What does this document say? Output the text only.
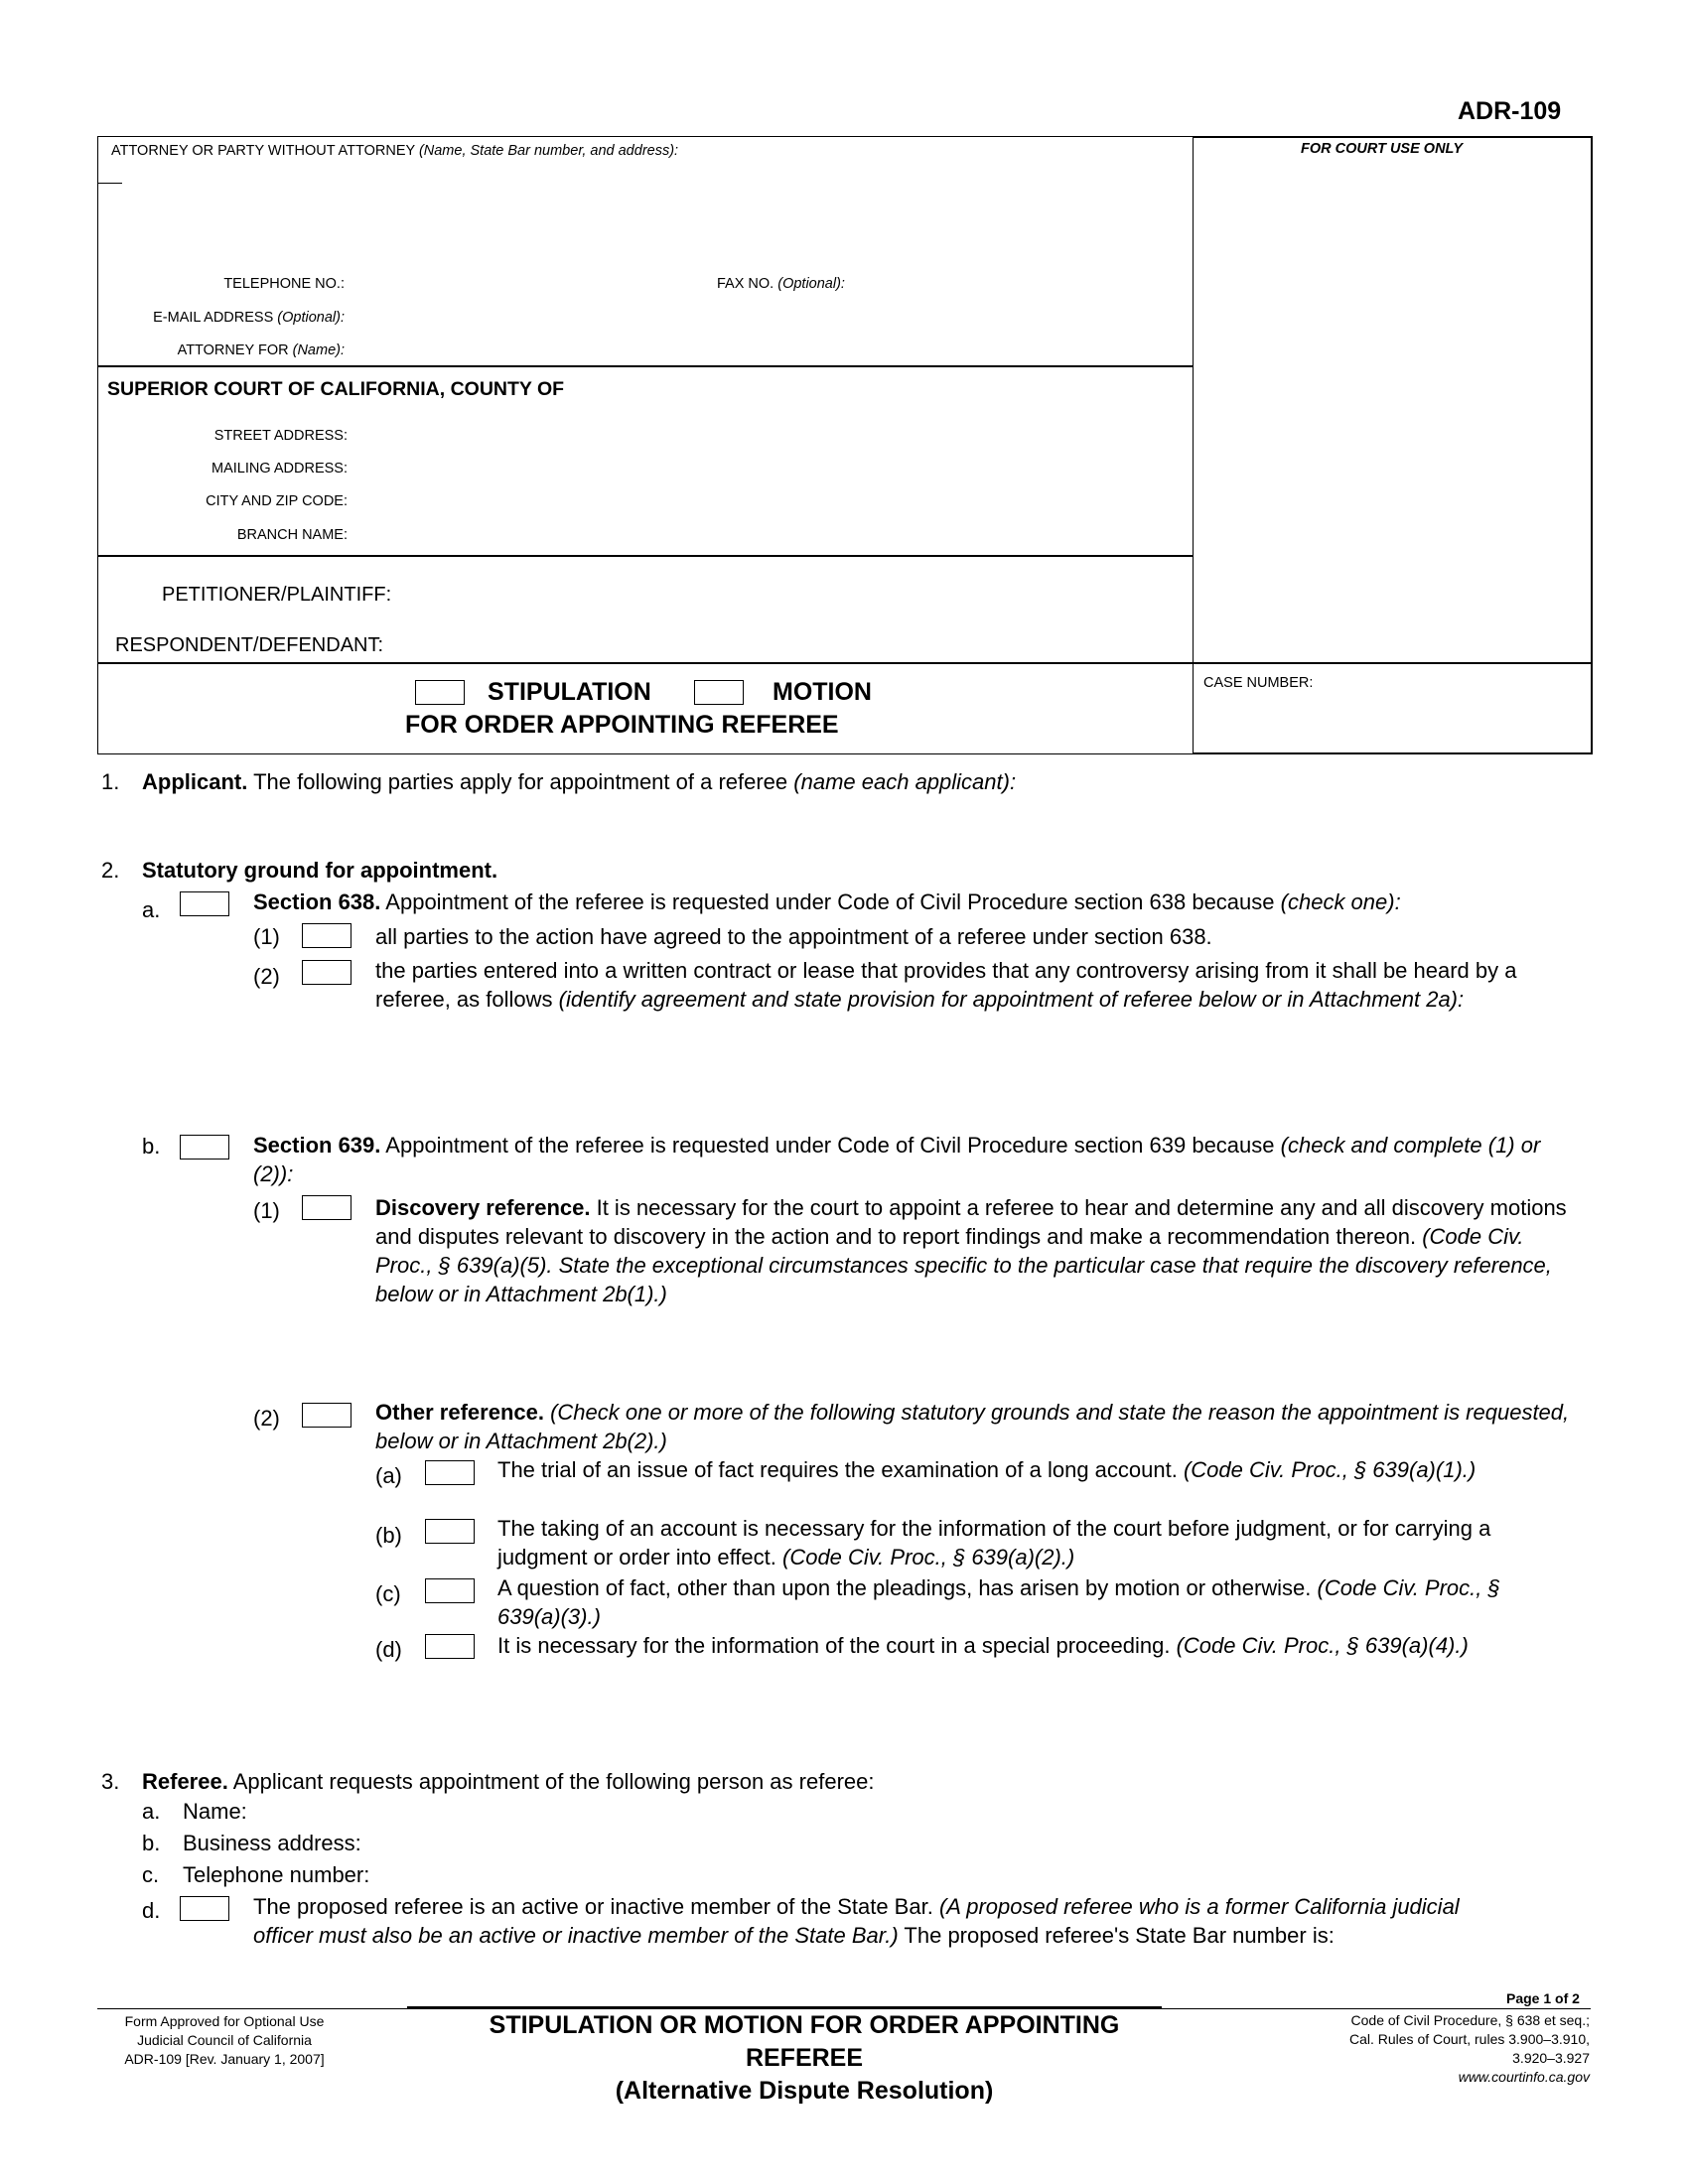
ADR-109
ATTORNEY OR PARTY WITHOUT ATTORNEY (Name, State Bar number, and address):	FOR COURT USE ONLY
TELEPHONE NO.:	FAX NO. (Optional):
E-MAIL ADDRESS (Optional):
ATTORNEY FOR (Name):
SUPERIOR COURT OF CALIFORNIA, COUNTY OF
STREET ADDRESS:
MAILING ADDRESS:
CITY AND ZIP CODE:
BRANCH NAME:
PETITIONER/PLAINTIFF:
RESPONDENT/DEFENDANT:
STIPULATION	MOTION
FOR ORDER APPOINTING REFEREE
CASE NUMBER:
1. Applicant. The following parties apply for appointment of a referee (name each applicant):
2. Statutory ground for appointment.
a.	Section 638. Appointment of the referee is requested under Code of Civil Procedure section 638 because (check one):
(1)	all parties to the action have agreed to the appointment of a referee under section 638.
(2)	the parties entered into a written contract or lease that provides that any controversy arising from it shall be heard by a referee, as follows (identify agreement and state provision for appointment of referee below or in Attachment 2a):
b.	Section 639. Appointment of the referee is requested under Code of Civil Procedure section 639 because (check and complete (1) or (2)):
(1)	Discovery reference. It is necessary for the court to appoint a referee to hear and determine any and all discovery motions and disputes relevant to discovery in the action and to report findings and make a recommendation thereon. (Code Civ. Proc., § 639(a)(5). State the exceptional circumstances specific to the particular case that require the discovery reference, below or in Attachment 2b(1).)
(2)	Other reference. (Check one or more of the following statutory grounds and state the reason the appointment is requested, below or in Attachment 2b(2).)
(a)	The trial of an issue of fact requires the examination of a long account. (Code Civ. Proc., § 639(a)(1).)
(b)	The taking of an account is necessary for the information of the court before judgment, or for carrying a judgment or order into effect. (Code Civ. Proc., § 639(a)(2).)
(c)	A question of fact, other than upon the pleadings, has arisen by motion or otherwise. (Code Civ. Proc., § 639(a)(3).)
(d)	It is necessary for the information of the court in a special proceeding. (Code Civ. Proc., § 639(a)(4).)
3. Referee. Applicant requests appointment of the following person as referee:
a. Name:
b. Business address:
c. Telephone number:
d.	The proposed referee is an active or inactive member of the State Bar. (A proposed referee who is a former California judicial officer must also be an active or inactive member of the State Bar.) The proposed referee's State Bar number is:
Page 1 of 2
Form Approved for Optional Use
Judicial Council of California
ADR-109 [Rev. January 1, 2007]
STIPULATION OR MOTION FOR ORDER APPOINTING
REFEREE
(Alternative Dispute Resolution)
Code of Civil Procedure, § 638 et seq.;
Cal. Rules of Court, rules 3.900–3.910,
3.920–3.927
www.courtinfo.ca.gov
